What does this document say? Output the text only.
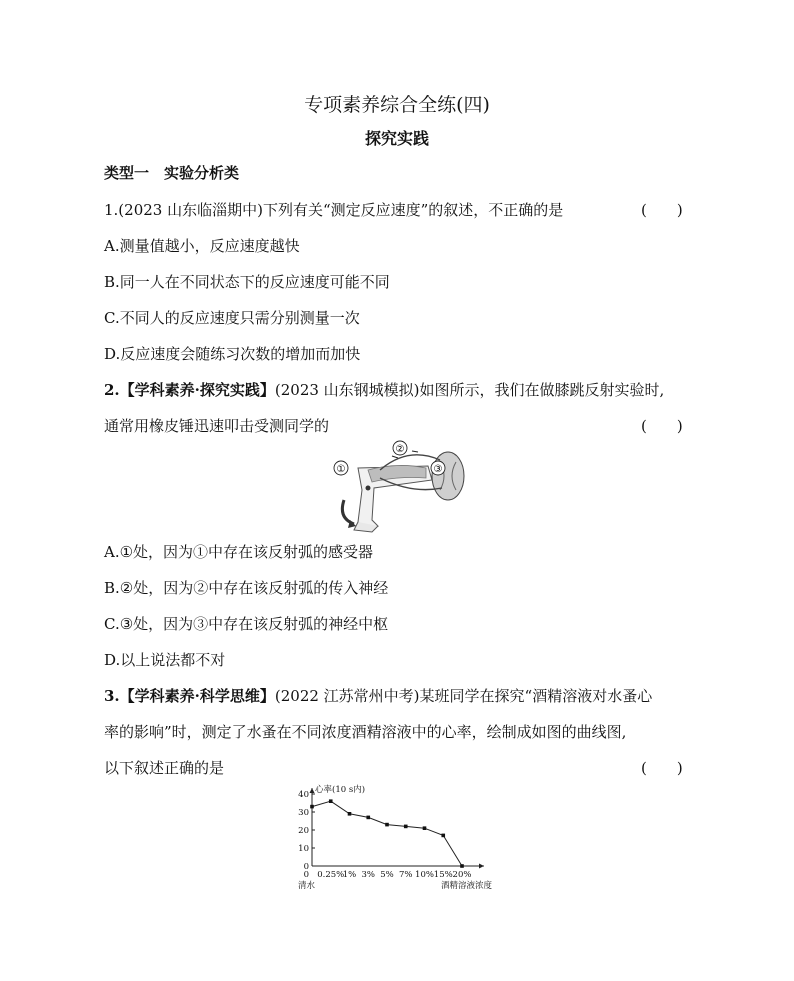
专项素养综合全练(四)
探究实践
类型一　实验分析类
1.(2023 山东临淄期中)下列有关“测定反应速度”的叙述，不正确的是	(　　)
A.测量值越小，反应速度越快
B.同一人在不同状态下的反应速度可能不同
C.不同人的反应速度只需分别测量一次
D.反应速度会随练习次数的增加而加快
2.【学科素养·探究实践】(2023 山东钢城模拟)如图所示，我们在做膝跳反射实验时,
通常用橡皮锤迅速叩击受测同学的	(　　)
①
②
③
A.①处，因为①中存在该反射弧的感受器
B.②处，因为②中存在该反射弧的传入神经
C.③处，因为③中存在该反射弧的神经中枢
D.以上说法都不对
3.【学科素养·科学思维】(2022 江苏常州中考)某班同学在探究“酒精溶液对水蚤心
率的影响”时，测定了水蚤在不同浓度酒精溶液中的心率，绘制成如图的曲线图,
以下叙述正确的是	(　　)
0
10
20
30
40 心率(10 s内)
0.25%
1% 3% 5% 7% 10% 15% 20%
0
清水	酒精溶液浓度
